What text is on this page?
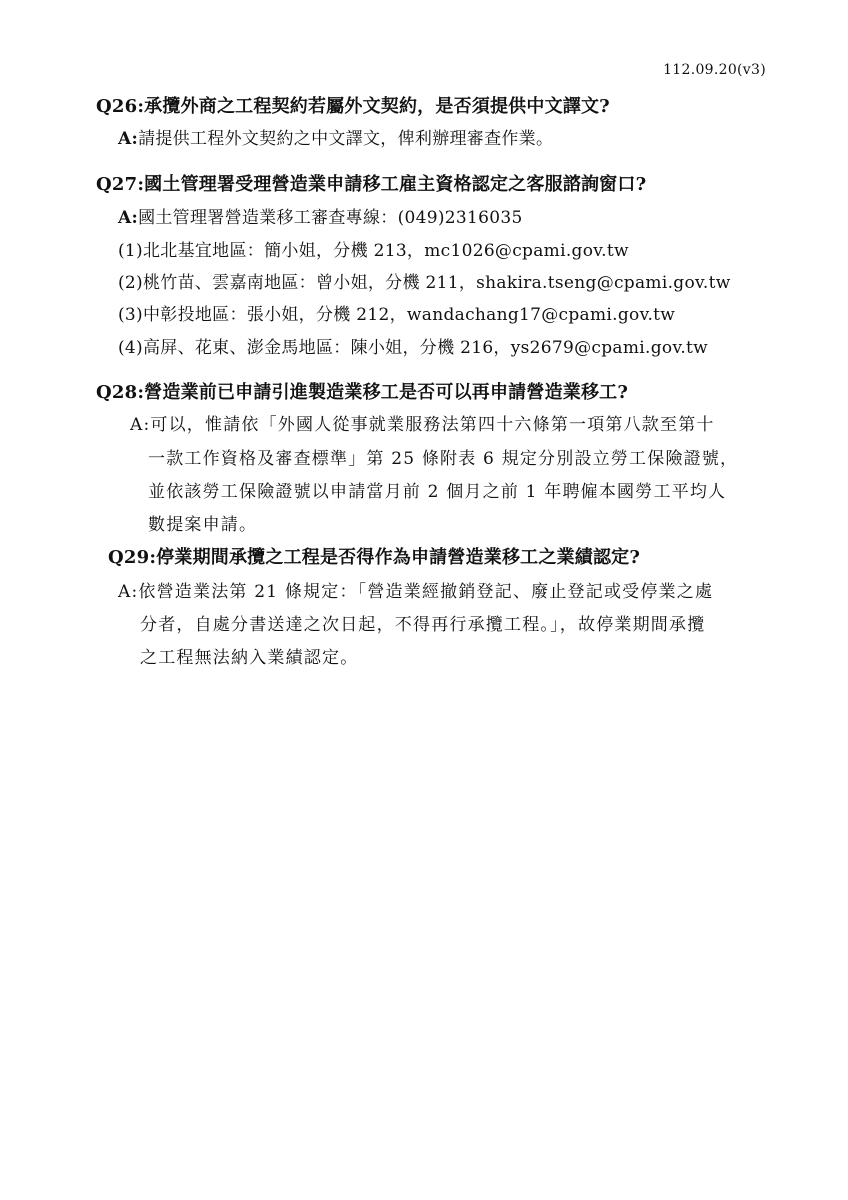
112.09.20(v3)
Q26:承攬外商之工程契約若屬外文契約，是否須提供中文譯文?
A:請提供工程外文契約之中文譯文，俾利辦理審查作業。
Q27:國土管理署受理營造業申請移工雇主資格認定之客服諮詢窗口?
A:國土管理署營造業移工審查專線：(049)2316035
(1)北北基宜地區：簡小姐，分機 213，mc1026@cpami.gov.tw
(2)桃竹苗、雲嘉南地區：曾小姐，分機 211，shakira.tseng@cpami.gov.tw
(3)中彰投地區：張小姐，分機 212，wandachang17@cpami.gov.tw
(4)高屏、花東、澎金馬地區：陳小姐，分機 216，ys2679@cpami.gov.tw
Q28:營造業前已申請引進製造業移工是否可以再申請營造業移工?
A:可以，惟請依「外國人從事就業服務法第四十六條第一項第八款至第十
一款工作資格及審查標準」第 25 條附表 6 規定分別設立勞工保險證號，
並依該勞工保險證號以申請當月前 2 個月之前 1 年聘僱本國勞工平均人
數提案申請。
Q29:停業期間承攬之工程是否得作為申請營造業移工之業績認定?
A:依營造業法第 21 條規定：「營造業經撤銷登記、廢止登記或受停業之處
分者，自處分書送達之次日起，不得再行承攬工程。」，故停業期間承攬
之工程無法納入業績認定。
